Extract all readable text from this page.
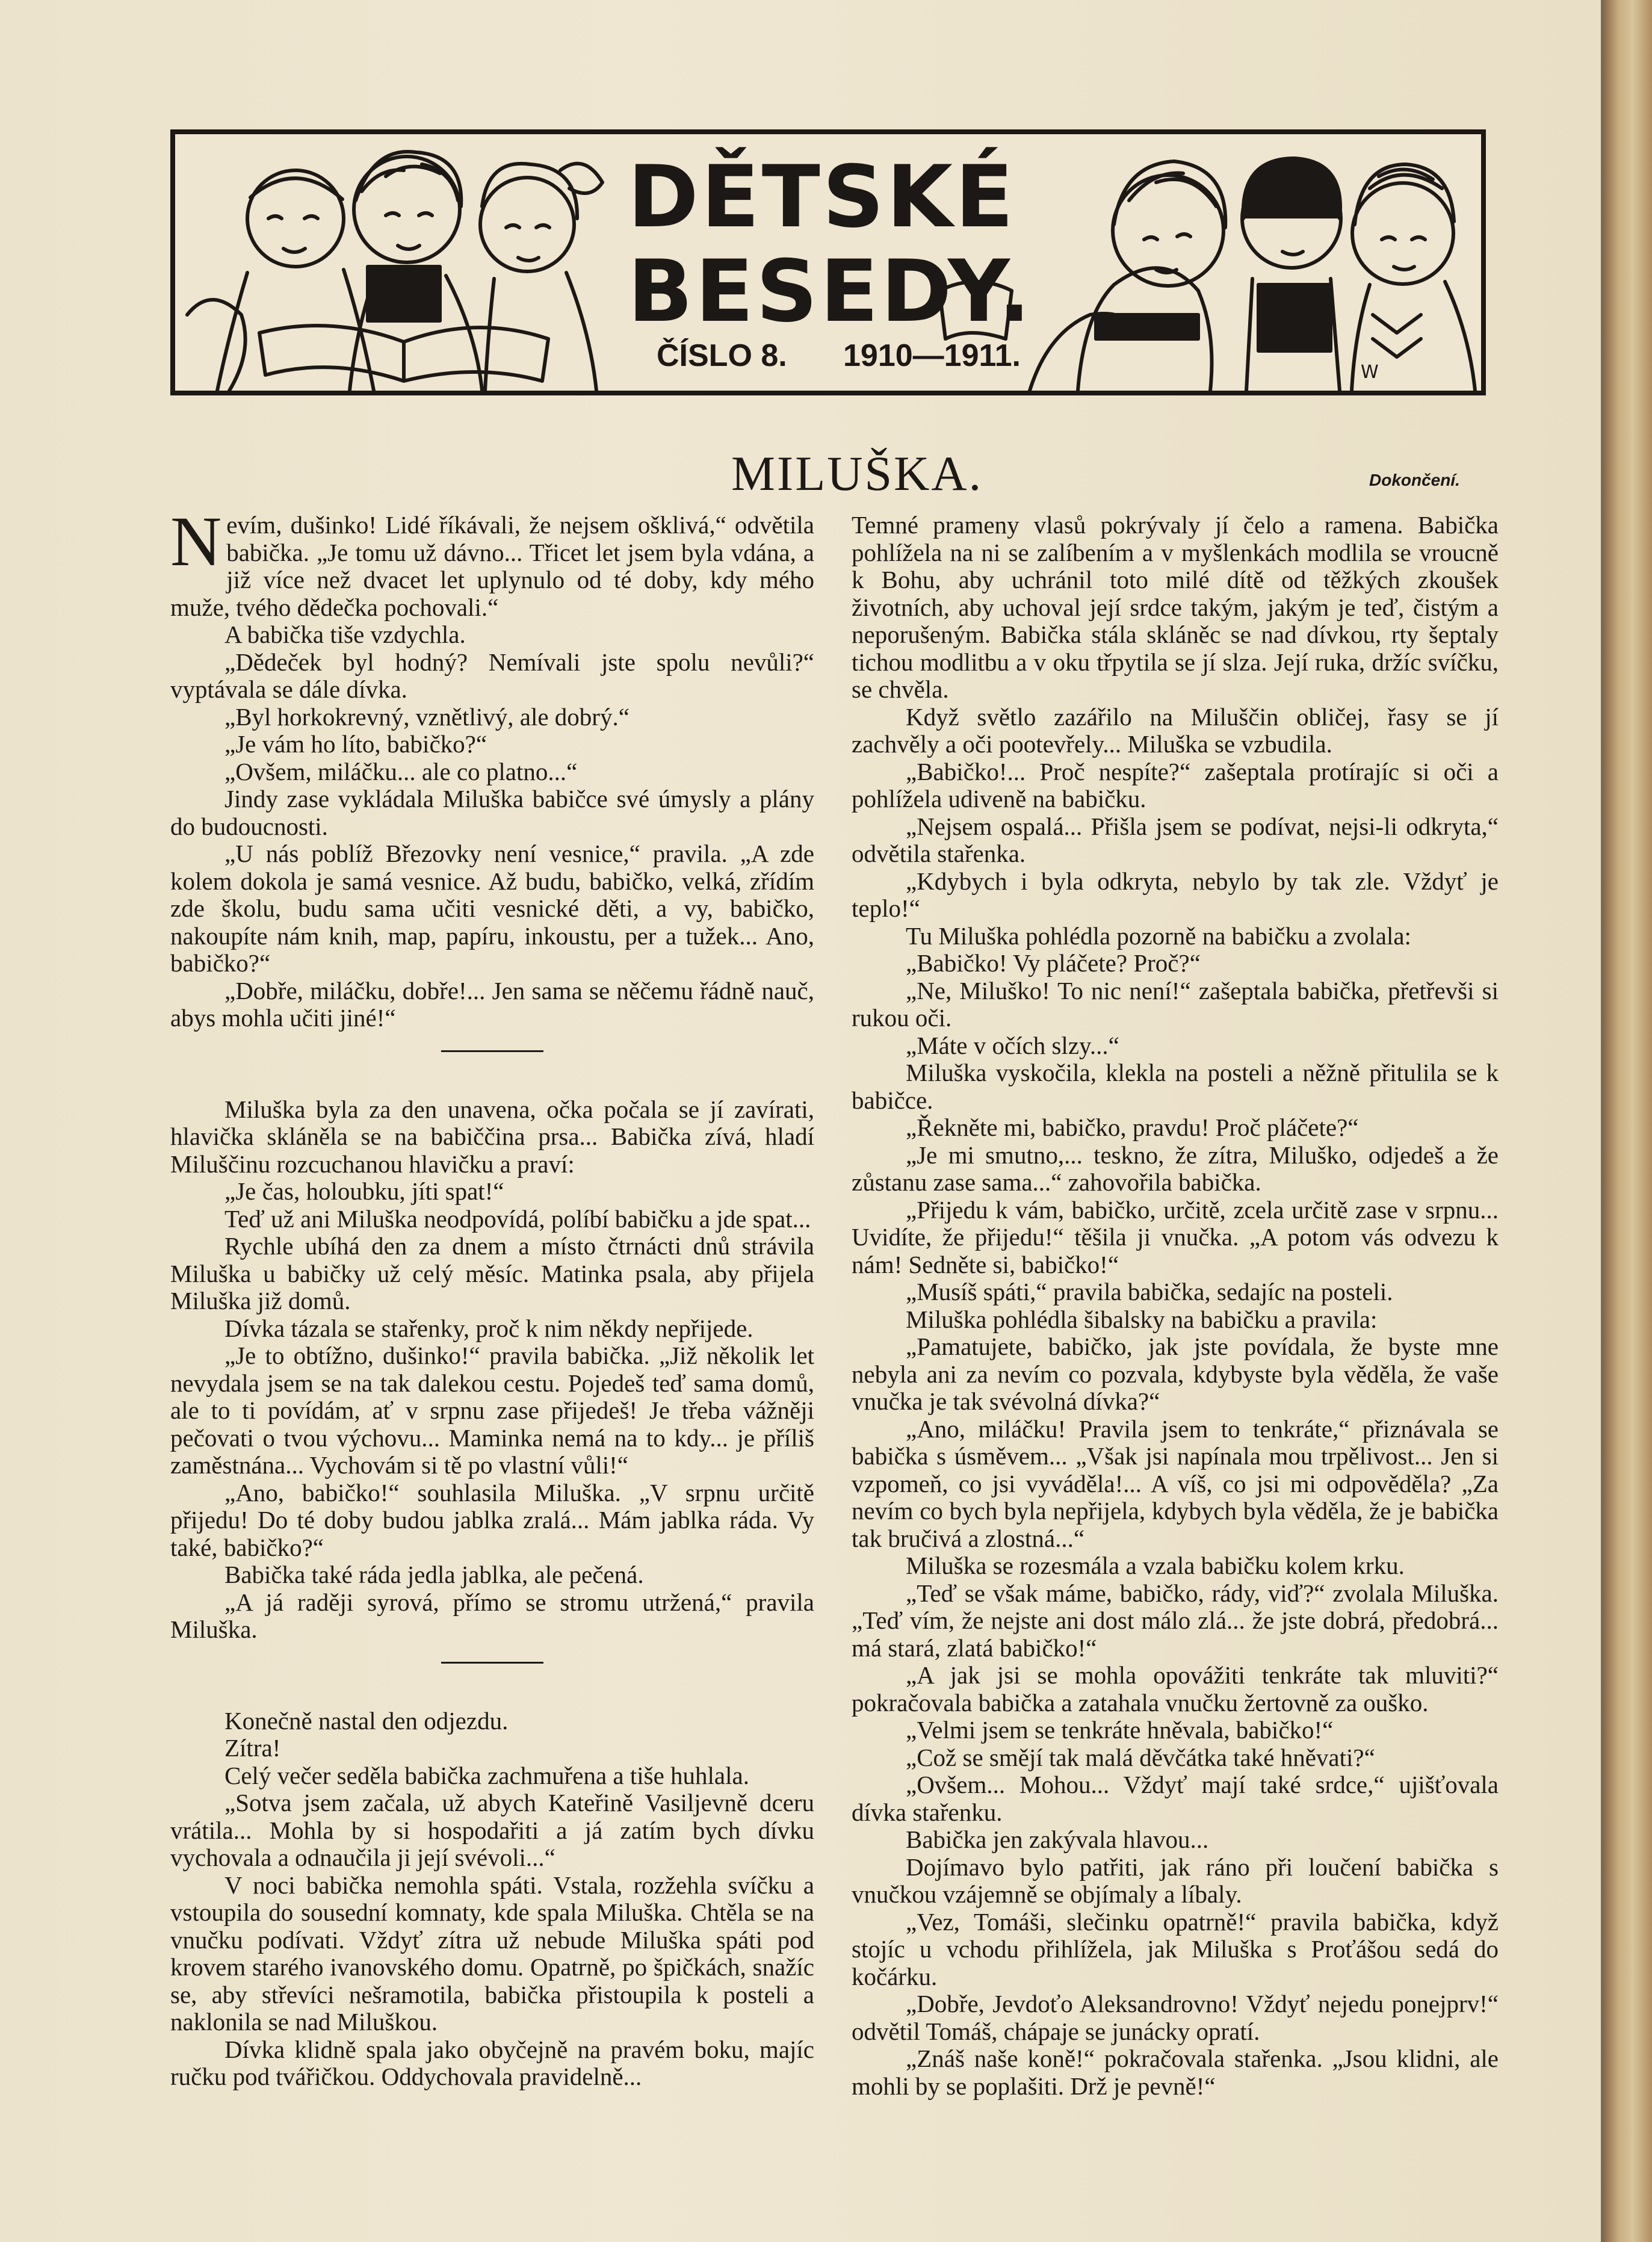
W
DĚTSKÉ
BESEDY.
ČÍSLO 8. 1910—1911.
MILUŠKA.	Dokončení.

Nevím, dušinko! Lidé říkávali, že nejsem ošklivá,“ odvětila babička. „Je tomu už dávno... Třicet let jsem byla vdána, a již více než dvacet let uplynulo od té doby, kdy mého muže, tvého dědečka pochovali.“

A babička tiše vzdychla.

„Dědeček byl hodný? Nemívali jste spolu nevůli?“ vyptávala se dále dívka.

„Byl horkokrevný, vznětlivý, ale dobrý.“

„Je vám ho líto, babičko?“

„Ovšem, miláčku... ale co platno...“

Jindy zase vykládala Miluška babičce své úmysly a plány do budoucnosti.

„U nás poblíž Březovky není vesnice,“ pravila. „A zde kolem dokola je samá vesnice. Až budu, babičko, velká, zřídím zde školu, budu sama učiti vesnické děti, a vy, babičko, nakoupíte nám knih, map, papíru, inkoustu, per a tužek... Ano, babičko?“

„Dobře, miláčku, dobře!... Jen sama se něčemu řádně nauč, abys mohla učiti jiné!“

Miluška byla za den unavena, očka počala se jí zavírati, hlavička skláněla se na babiččina prsa... Babička zívá, hladí Miluščinu rozcuchanou hlavičku a praví:

„Je čas, holoubku, jíti spat!“

Teď už ani Miluška neodpovídá, políbí babičku a jde spat...

Rychle ubíhá den za dnem a místo čtrnácti dnů strávila Miluška u babičky už celý měsíc. Matinka psala, aby přijela Miluška již domů.

Dívka tázala se stařenky, proč k nim někdy nepřijede.

„Je to obtížno, dušinko!“ pravila babička. „Již několik let nevydala jsem se na tak dalekou cestu. Pojedeš teď sama domů, ale to ti povídám, ať v srpnu zase přijedeš! Je třeba vážněji pečovati o tvou výchovu... Maminka nemá na to kdy... je příliš zaměstnána... Vychovám si tě po vlastní vůli!“

„Ano, babičko!“ souhlasila Miluška. „V srpnu určitě přijedu! Do té doby budou jablka zralá... Mám jablka ráda. Vy také, babičko?“

Babička také ráda jedla jablka, ale pečená.

„A já raději syrová, přímo se stromu utržená,“ pravila Miluška.

Konečně nastal den odjezdu.

Zítra!

Celý večer seděla babička zachmuřena a tiše huhlala.

„Sotva jsem začala, už abych Kateřině Vasiljevně dceru vrátila... Mohla by si hospodařiti a já zatím bych dívku vychovala a odnaučila ji její svévoli...“

V noci babička nemohla spáti. Vstala, rozžehla svíčku a vstoupila do sousední komnaty, kde spala Miluška. Chtěla se na vnučku podívati. Vždyť zítra už nebude Miluška spáti pod krovem starého ivanovského domu. Opatrně, po špičkách, snažíc se, aby střevíci nešramotila, babička přistoupila k posteli a naklonila se nad Miluškou.

Dívka klidně spala jako obyčejně na pravém boku, majíc ručku pod tvářičkou. Oddychovala pravidelně...

Temné prameny vlasů pokrývaly jí čelo a ramena. Babička pohlížela na ni se zalíbením a v myšlenkách modlila se vroucně k Bohu, aby uchránil toto milé dítě od těžkých zkoušek životních, aby uchoval její srdce takým, jakým je teď, čistým a neporušeným. Babička stála skláněc se nad dívkou, rty šeptaly tichou modlitbu a v oku třpytila se jí slza. Její ruka, držíc svíčku, se chvěla.

Když světlo zazářilo na Miluščin obličej, řasy se jí zachvěly a oči pootevřely... Miluška se vzbudila.

„Babičko!... Proč nespíte?“ zašeptala protírajíc si oči a pohlížela udiveně na babičku.

„Nejsem ospalá... Přišla jsem se podívat, nejsi-li odkryta,“ odvětila stařenka.

„Kdybych i byla odkryta, nebylo by tak zle. Vždyť je teplo!“

Tu Miluška pohlédla pozorně na babičku a zvolala:

„Babičko! Vy pláčete? Proč?“

„Ne, Miluško! To nic není!“ zašeptala babička, přetřevši si rukou oči.

„Máte v očích slzy...“

Miluška vyskočila, klekla na posteli a něžně přitulila se k babičce.

„Řekněte mi, babičko, pravdu! Proč pláčete?“

„Je mi smutno,... teskno, že zítra, Miluško, odjedeš a že zůstanu zase sama...“ zahovořila babička.

„Přijedu k vám, babičko, určitě, zcela určitě zase v srpnu... Uvidíte, že přijedu!“ těšila ji vnučka. „A potom vás odvezu k nám! Sedněte si, babičko!“

„Musíš spáti,“ pravila babička, sedajíc na posteli.

Miluška pohlédla šibalsky na babičku a pravila:

„Pamatujete, babičko, jak jste povídala, že byste mne nebyla ani za nevím co pozvala, kdybyste byla věděla, že vaše vnučka je tak svévolná dívka?“

„Ano, miláčku! Pravila jsem to tenkráte,“ přiznávala se babička s úsměvem... „Však jsi napínala mou trpělivost... Jen si vzpomeň, co jsi vyváděla!... A víš, co jsi mi odpověděla? „Za nevím co bych byla nepřijela, kdybych byla věděla, že je babička tak bručivá a zlostná...“

Miluška se rozesmála a vzala babičku kolem krku.

„Teď se však máme, babičko, rády, viď?“ zvolala Miluška. „Teď vím, že nejste ani dost málo zlá... že jste dobrá, předobrá... má stará, zlatá babičko!“

„A jak jsi se mohla opovážiti tenkráte tak mluviti?“ pokračovala babička a zatahala vnučku žertovně za ouško.

„Velmi jsem se tenkráte hněvala, babičko!“

„Což se smějí tak malá děvčátka také hněvati?“

„Ovšem... Mohou... Vždyť mají také srdce,“ ujišťovala dívka stařenku.

Babička jen zakývala hlavou...

Dojímavo bylo patřiti, jak ráno při loučení babička s vnučkou vzájemně se objímaly a líbaly.

„Vez, Tomáši, slečinku opatrně!“ pravila babička, když stojíc u vchodu přihlížela, jak Miluška s Proťášou sedá do kočárku.

„Dobře, Jevdoťo Aleksandrovno! Vždyť nejedu ponejprv!“ odvětil Tomáš, chápaje se junácky opratí.

„Znáš naše koně!“ pokračovala stařenka. „Jsou klidni, ale mohli by se poplašiti. Drž je pevně!“
